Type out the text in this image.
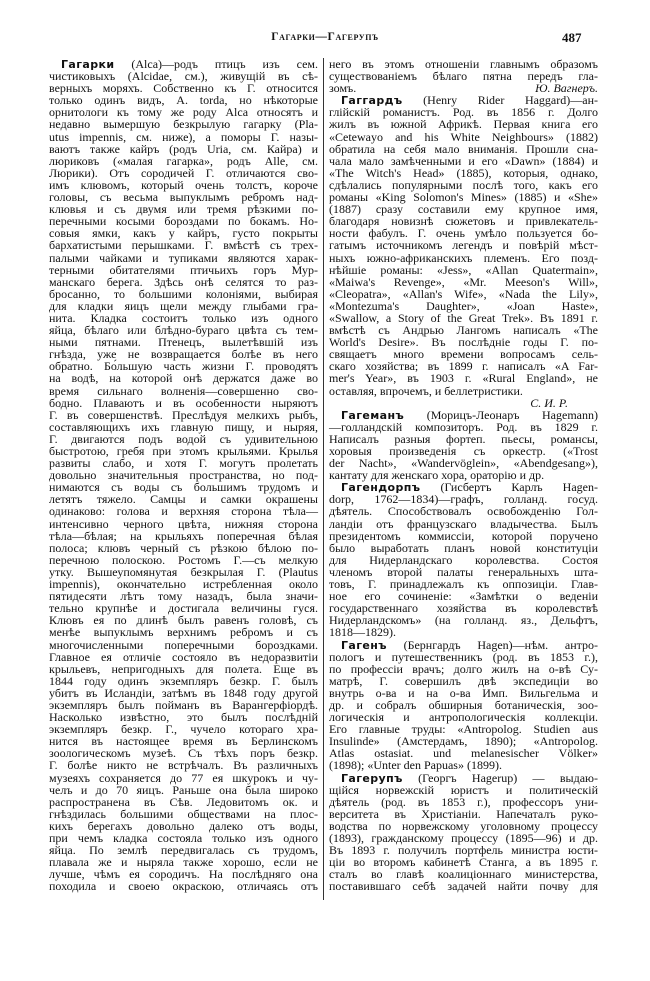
Гагарки—Гагерупъ	487
Гагарки (Alca)—родъ птицъ изъ сем.
чистиковыхъ (Alcidae, см.), живущій въ сѣ-
верныхъ моряхъ. Собственно къ Г. относится
только одинъ видъ, A. torda, но нѣкоторые
орнитологи къ тому же роду Alca относятъ и
недавно вымершую безкрылую гагарку (Pla-
utus impennis, см. ниже), а поморы Г. назы-
ваютъ также кайръ (родъ Uria, см. Кайра) и
люриковъ («малая гагарка», родъ Alle, см.
Люрики). Отъ сородичей Г. отличаются сво-
имъ клювомъ, который очень толстъ, короче
головы, съ весьма выпуклымъ ребромъ над-
клювья и съ двумя или тремя рѣзкими по-
перечными косыми бороздами по бокамъ. Но-
совыя ямки, какъ у кайръ, густо покрыты
бархатистыми перышками. Г. вмѣстѣ съ трех-
палыми чайками и тупиками являются харак-
терными обитателями птичьихъ горъ Мур-
манскаго берега. Здѣсь онѣ селятся то раз-
бросанно, то большими колоніями, выбирая
для кладки яицъ щели между глыбами гра-
нита. Кладка состоитъ только изъ одного
яйца, бѣлаго или блѣдно-бураго цвѣта съ тем-
ными пятнами. Птенецъ, вылетѣвшій изъ
гнѣзда, уже не возвращается болѣе въ него
обратно. Бо́льшую часть жизни Г. проводятъ
на водѣ, на которой онѣ держатся даже во
время сильнаго волненія—совершенно сво-
бодно. Плаваютъ и въ особенности ныряютъ
Г. въ совершенствѣ. Преслѣдуя мелкихъ рыбъ,
составляющихъ ихъ главную пищу, и ныряя,
Г. двигаются подъ водой съ удивительною
быстротою, гребя при этомъ крыльями. Крылья
развиты слабо, и хотя Г. могутъ пролетать
довольно значительныя пространства, но под-
нимаются съ воды съ большимъ трудомъ и
летятъ тяжело. Самцы и самки окрашены
одинаково: голова и верхняя сторона тѣла—
интенсивно черного цвѣта, нижняя сторона
тѣла—бѣлая; на крыльяхъ поперечная бѣлая
полоса; клювъ черный съ рѣзкою бѣлою по-
перечною полоскою. Ростомъ Г.—съ мелкую
утку. Вышеупомянутая безкрылая Г. (Plautus
impennis), окончательно истребленная около
пятидесяти лѣтъ тому назадъ, была значи-
тельно крупнѣе и достигала величины гуся.
Клювъ ея по длинѣ былъ равенъ головѣ, съ
менѣе выпуклымъ верхнимъ ребромъ и съ
многочисленными поперечными бороздками.
Главное ея отличіе состояло въ недоразвитіи
крыльевъ, непригодныхъ для полета. Еще въ
1844 году одинъ экземпляръ безкр. Г. былъ
убитъ въ Исландіи, затѣмъ въ 1848 году другой
экземпляръ былъ пойманъ въ Варангерфіордѣ.
Насколько извѣстно, это былъ послѣдній
экземпляръ безкр. Г., чучело котораго хра-
нится въ настоящее время въ Берлинскомъ
зоологическомъ музеѣ. Съ тѣхъ поръ безкр.
Г. болѣе никто не встрѣчалъ. Въ различныхъ
музеяхъ сохраняется до 77 ея шкурокъ и чу-
челъ и до 70 яицъ. Раньше она была широко
распространена въ Сѣв. Ледовитомъ ок. и
гнѣздилась большими обществами на плос-
кихъ берегахъ довольно далеко отъ воды,
при чемъ кладка состояла только изъ одного
яйца. По землѣ передвигалась съ трудомъ,
плавала же и ныряла также хорошо, если не
лучше, чѣмъ ея сородичъ. На послѣдняго она
походила и своею окраскою, отличаясь отъ
него въ этомъ отношеніи главнымъ образомъ
существованіемъ бѣлаго пятна передъ гла-
Ю. Вагнеръ.
зомъ.
Гаггардъ (Henry Rider Haggard)—ан-
глійскій романистъ. Род. въ 1856 г. Долго
жилъ въ южной Африкѣ. Первая книга его
«Cetewayo and his White Neighbours» (1882)
обратила на себя мало вниманія. Прошли сна-
чала мало замѣченными и его «Dawn» (1884) и
«The Witch's Head» (1885), которыя, однако,
сдѣлались популярными послѣ того, какъ его
романы «King Solomon's Mines» (1885) и «She»
(1887) сразу составили ему крупное имя,
благодаря новизнѣ сюжетовъ и привлекатель-
ности фабулъ. Г. очень умѣло пользуется бо-
гатымъ источникомъ легендъ и повѣрій мѣст-
ныхъ южно-африканскихъ племенъ. Его позд-
нѣйшіе романы: «Jess», «Allan Quatermain»,
«Maiwa's Revenge», «Mr. Meeson's Will»,
«Cleopatra», «Allan's Wife», «Nada the Lily»,
«Montezuma's Daughter», «Joan Haste»,
«Swallow, a Story of the Great Trek». Въ 1891 г.
вмѣстѣ съ Андрью Лангомъ написалъ «The
World's Desire». Въ послѣдніе годы Г. по-
свящаетъ много времени вопросамъ сель-
скаго хозяйства; въ 1899 г. написалъ «A Far-
mer's Year», въ 1903 г. «Rural England», не
оставляя, впрочемъ, и беллетристики.
С. И. Р.
Гагеманъ (Морицъ-Леонаръ Hagemann)
—голландскій композиторъ. Род. въ 1829 г.
Написалъ разныя фортеп. пьесы, романсы,
хоровыя произведенія съ оркестр. («Trost
der Nacht», «Wandervöglein», «Abendgesang»),
кантату для женскаго хора, ораторію и др.
Гагендорпъ (Гисбертъ Карлъ Hagen-
dorp, 1762—1834)—графъ, голланд. госуд.
дѣятель. Способствовалъ освобожденію Гол-
ландіи отъ французскаго владычества. Былъ
президентомъ коммиссіи, которой поручено
было выработать планъ новой конституціи
для Нидерландскаго королевства. Состоя
членомъ второй палаты генеральныхъ шта-
товъ, Г. принадлежалъ къ оппозиціи. Глав-
ное его сочиненіе: «Замѣтки о веденіи
государственнаго хозяйства въ королевствѣ
Нидерландскомъ» (на голланд. яз., Дельфтъ,
1818—1829).
Гагенъ (Бернгардъ Hagen)—нѣм. антро-
пологъ и путешественникъ (род. въ 1853 г.),
по профессіи врачъ; долго жилъ на о-вѣ Су-
матрѣ, Г. совершилъ двѣ экспедиціи во
внутрь о-ва и на о-ва Имп. Вильгельма и
др. и собралъ обширныя ботаническія, зоо-
логическія и антропологическія коллекціи.
Его главные труды: «Antropolog. Studien aus
Insulinde» (Амстердамъ, 1890); «Antropolog.
Atlas ostasiat. und melanesischer Völker»
(1898); «Unter den Papuas» (1899).
Гагерупъ (Георгъ Hagerup) — выдаю-
щійся норвежскій юристъ и политическій
дѣятель (род. въ 1853 г.), профессоръ уни-
верситета въ Христіаніи. Напечаталъ руко-
водства по норвежскому уголовному процессу
(1893), гражданскому процессу (1895—96) и др.
Въ 1893 г. получилъ портфель министра юсти-
ціи во второмъ кабинетѣ Станга, а въ 1895 г.
сталъ во главѣ коалиціоннаго министерства,
поставившаго себѣ задачей найти почву для
